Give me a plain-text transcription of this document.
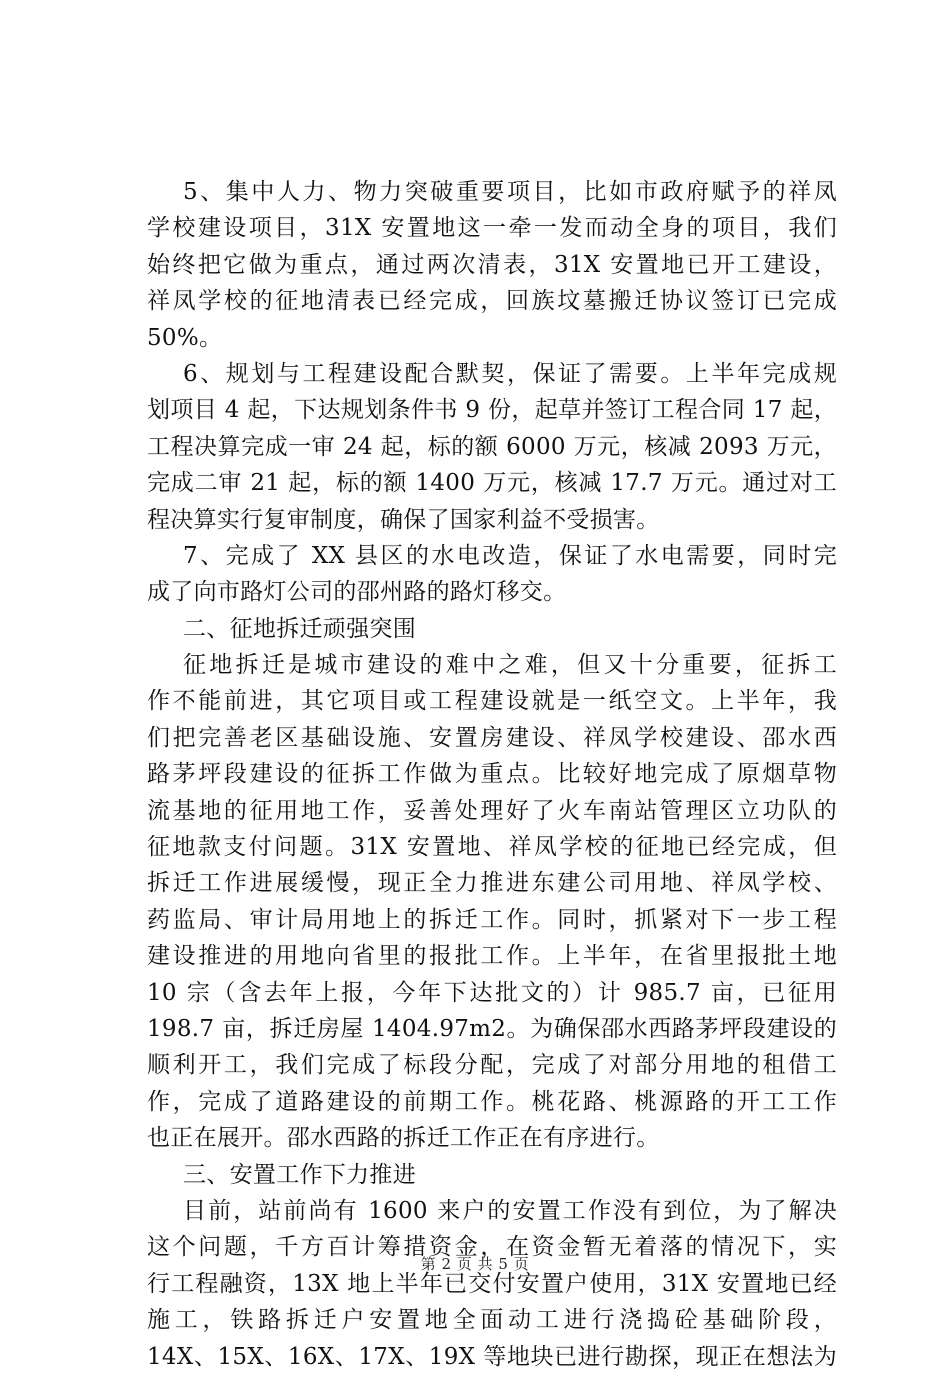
5、集中人力、物力突破重要项目，比如市政府赋予的祥凤
学校建设项目，31X 安置地这一牵一发而动全身的项目，我们
始终把它做为重点，通过两次清表，31X 安置地已开工建设，
祥凤学校的征地清表已经完成，回族坟墓搬迁协议签订已完成
50%。
6、规划与工程建设配合默契，保证了需要。上半年完成规
划项目 4 起，下达规划条件书 9 份，起草并签订工程合同 17 起，
工程决算完成一审 24 起，标的额 6000 万元，核减 2093 万元，
完成二审 21 起，标的额 1400 万元，核减 17.7 万元。通过对工
程决算实行复审制度，确保了国家利益不受损害。
7、完成了 XX 县区的水电改造，保证了水电需要，同时完
成了向市路灯公司的邵州路的路灯移交。
二、征地拆迁顽强突围
征地拆迁是城市建设的难中之难，但又十分重要，征拆工
作不能前进，其它项目或工程建设就是一纸空文。上半年，我
们把完善老区基础设施、安置房建设、祥凤学校建设、邵水西
路茅坪段建设的征拆工作做为重点。比较好地完成了原烟草物
流基地的征用地工作，妥善处理好了火车南站管理区立功队的
征地款支付问题。31X 安置地、祥凤学校的征地已经完成，但
拆迁工作进展缓慢，现正全力推进东建公司用地、祥凤学校、
药监局、审计局用地上的拆迁工作。同时，抓紧对下一步工程
建设推进的用地向省里的报批工作。上半年，在省里报批土地
10 宗（含去年上报，今年下达批文的）计 985.7 亩，已征用
198.7 亩，拆迁房屋 1404.97m2。为确保邵水西路茅坪段建设的
顺利开工，我们完成了标段分配，完成了对部分用地的租借工
作，完成了道路建设的前期工作。桃花路、桃源路的开工工作
也正在展开。邵水西路的拆迁工作正在有序进行。
三、安置工作下力推进
目前，站前尚有 1600 来户的安置工作没有到位，为了解决
这个问题，千方百计筹措资金，在资金暂无着落的情况下，实
行工程融资，13X 地上半年已交付安置户使用，31X 安置地已经
施工，铁路拆迁户安置地全面动工进行浇捣砼基础阶段，
14X、15X、16X、17X、19X 等地块已进行勘探，现正在想法为
第 2 页 共 5 页
